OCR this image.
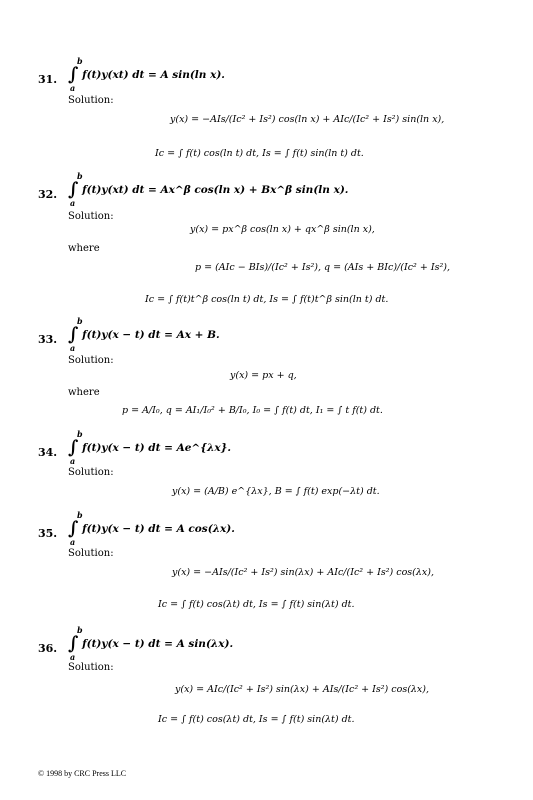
31. ∫
b
a
f(t)y(xt) dt = A sin(ln x).
Solution:
y(x) = −AIs/(Ic² + Is²) cos(ln x) + AIc/(Ic² + Is²) sin(ln x),
Ic = ∫ f(t) cos(ln t) dt, Is = ∫ f(t) sin(ln t) dt.
32. ∫
b
a
f(t)y(xt) dt = Ax^β cos(ln x) + Bx^β sin(ln x).
Solution:
y(x) = px^β cos(ln x) + qx^β sin(ln x),
where
p = (AIc − BIs)/(Ic² + Is²), q = (AIs + BIc)/(Ic² + Is²),
Ic = ∫ f(t)t^β cos(ln t) dt, Is = ∫ f(t)t^β sin(ln t) dt.
33. ∫
b
a
f(t)y(x − t) dt = Ax + B.
Solution:
y(x) = px + q,
where
p = A/I₀, q = AI₁/I₀² + B/I₀, I₀ = ∫ f(t) dt, I₁ = ∫ t f(t) dt.
34. ∫
b
a
f(t)y(x − t) dt = Ae^{λx}.
Solution:
y(x) = (A/B) e^{λx}, B = ∫ f(t) exp(−λt) dt.
35. ∫
b
a
f(t)y(x − t) dt = A cos(λx).
Solution:
y(x) = −AIs/(Ic² + Is²) sin(λx) + AIc/(Ic² + Is²) cos(λx),
Ic = ∫ f(t) cos(λt) dt, Is = ∫ f(t) sin(λt) dt.
36. ∫
b
a
f(t)y(x − t) dt = A sin(λx).
Solution:
y(x) = AIc/(Ic² + Is²) sin(λx) + AIs/(Ic² + Is²) cos(λx),
Ic = ∫ f(t) cos(λt) dt, Is = ∫ f(t) sin(λt) dt.
© 1998 by CRC Press LLC
